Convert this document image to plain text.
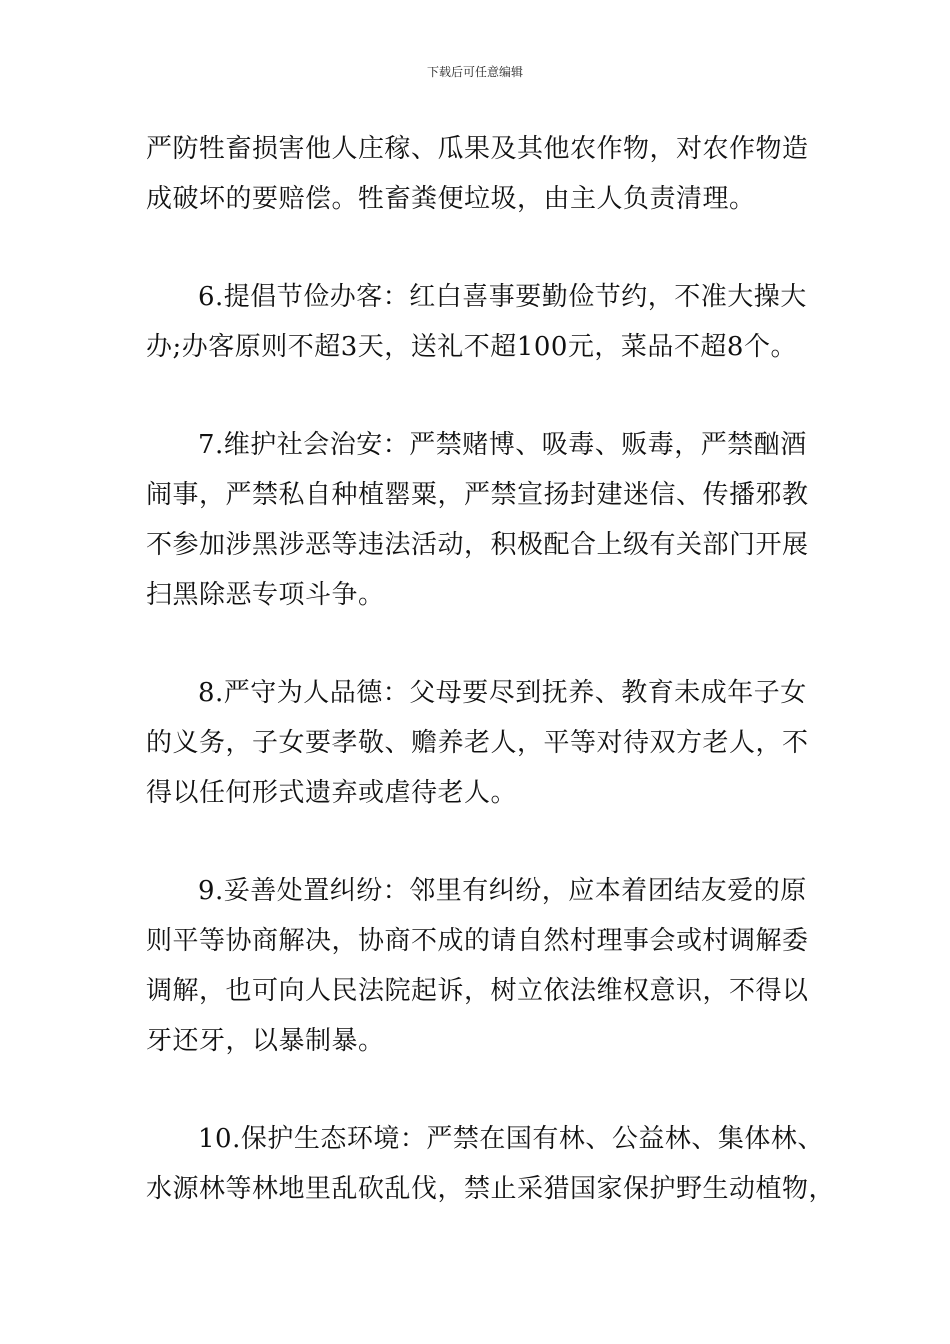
下载后可任意编辑
严防牲畜损害他人庄稼、瓜果及其他农作物，对农作物造
成破坏的要赔偿。牲畜粪便垃圾，由主人负责清理。
6.提倡节俭办客：红白喜事要勤俭节约，不准大操大
办;办客原则不超3天，送礼不超100元，菜品不超8个。
7.维护社会治安：严禁赌博、吸毒、贩毒，严禁酗酒
闹事，严禁私自种植罂粟，严禁宣扬封建迷信、传播邪教
不参加涉黑涉恶等违法活动，积极配合上级有关部门开展
扫黑除恶专项斗争。
8.严守为人品德：父母要尽到抚养、教育未成年子女
的义务，子女要孝敬、赡养老人，平等对待双方老人，不
得以任何形式遗弃或虐待老人。
9.妥善处置纠纷：邻里有纠纷，应本着团结友爱的原
则平等协商解决，协商不成的请自然村理事会或村调解委
调解，也可向人民法院起诉，树立依法维权意识，不得以
牙还牙，以暴制暴。
10.保护生态环境：严禁在国有林、公益林、集体林、
水源林等林地里乱砍乱伐，禁止采猎国家保护野生动植物，
